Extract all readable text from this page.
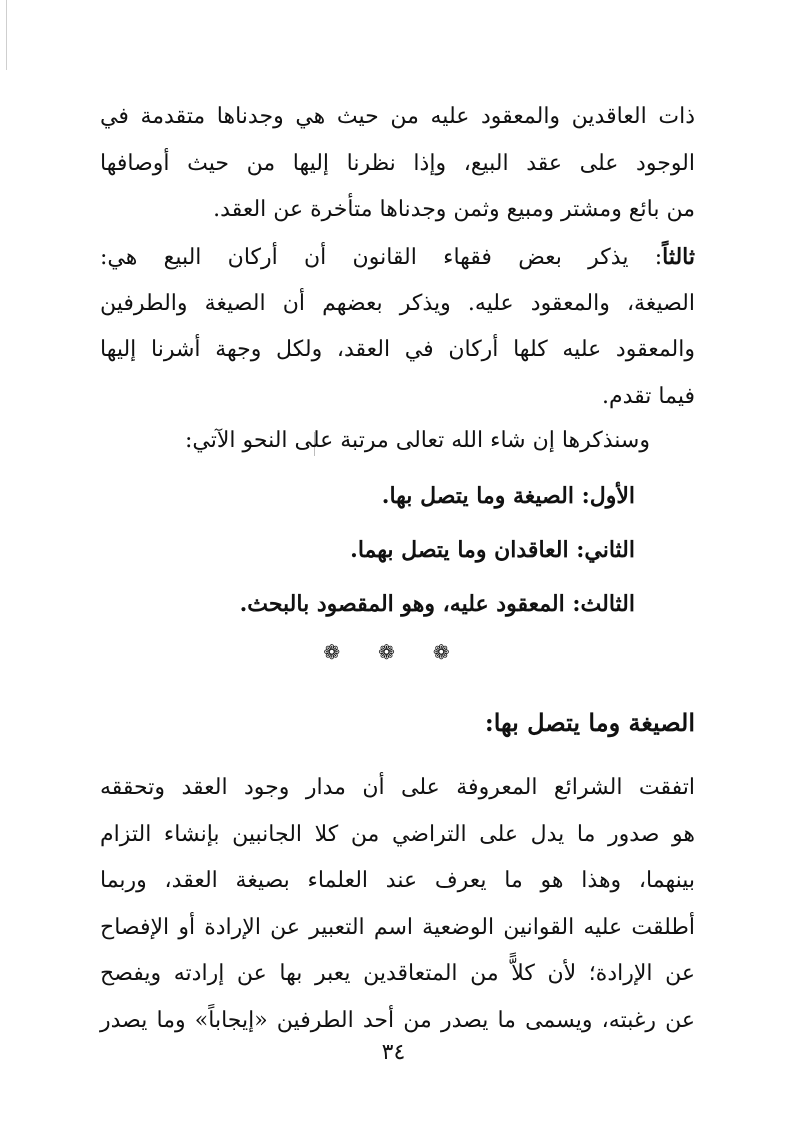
ذات العاقدين والمعقود عليه من حيث هي وجدناها متقدمة في
الوجود على عقد البيع، وإذا نظرنا إليها من حيث أوصافها
من بائع ومشتر ومبيع وثمن وجدناها متأخرة عن العقد.
ثالثاً: يذكر بعض فقهاء القانون أن أركان البيع هي:
الصيغة، والمعقود عليه. ويذكر بعضهم أن الصيغة والطرفين
والمعقود عليه كلها أركان في العقد، ولكل وجهة أشرنا إليها
فيما تقدم.
وسنذكرها إن شاء الله تعالى مرتبة على النحو الآتي:
الأول: الصيغة وما يتصل بها.
الثاني: العاقدان وما يتصل بهما.
الثالث: المعقود عليه، وهو المقصود بالبحث.
❁ ❁ ❁
الصيغة وما يتصل بها:
اتفقت الشرائع المعروفة على أن مدار وجود العقد وتحققه
هو صدور ما يدل على التراضي من كلا الجانبين بإنشاء التزام
بينهما، وهذا هو ما يعرف عند العلماء بصيغة العقد، وربما
أطلقت عليه القوانين الوضعية اسم التعبير عن الإرادة أو الإفصاح
عن الإرادة؛ لأن كلاًّ من المتعاقدين يعبر بها عن إرادته ويفصح
عن رغبته، ويسمى ما يصدر من أحد الطرفين «إيجاباً» وما يصدر
٣٤
